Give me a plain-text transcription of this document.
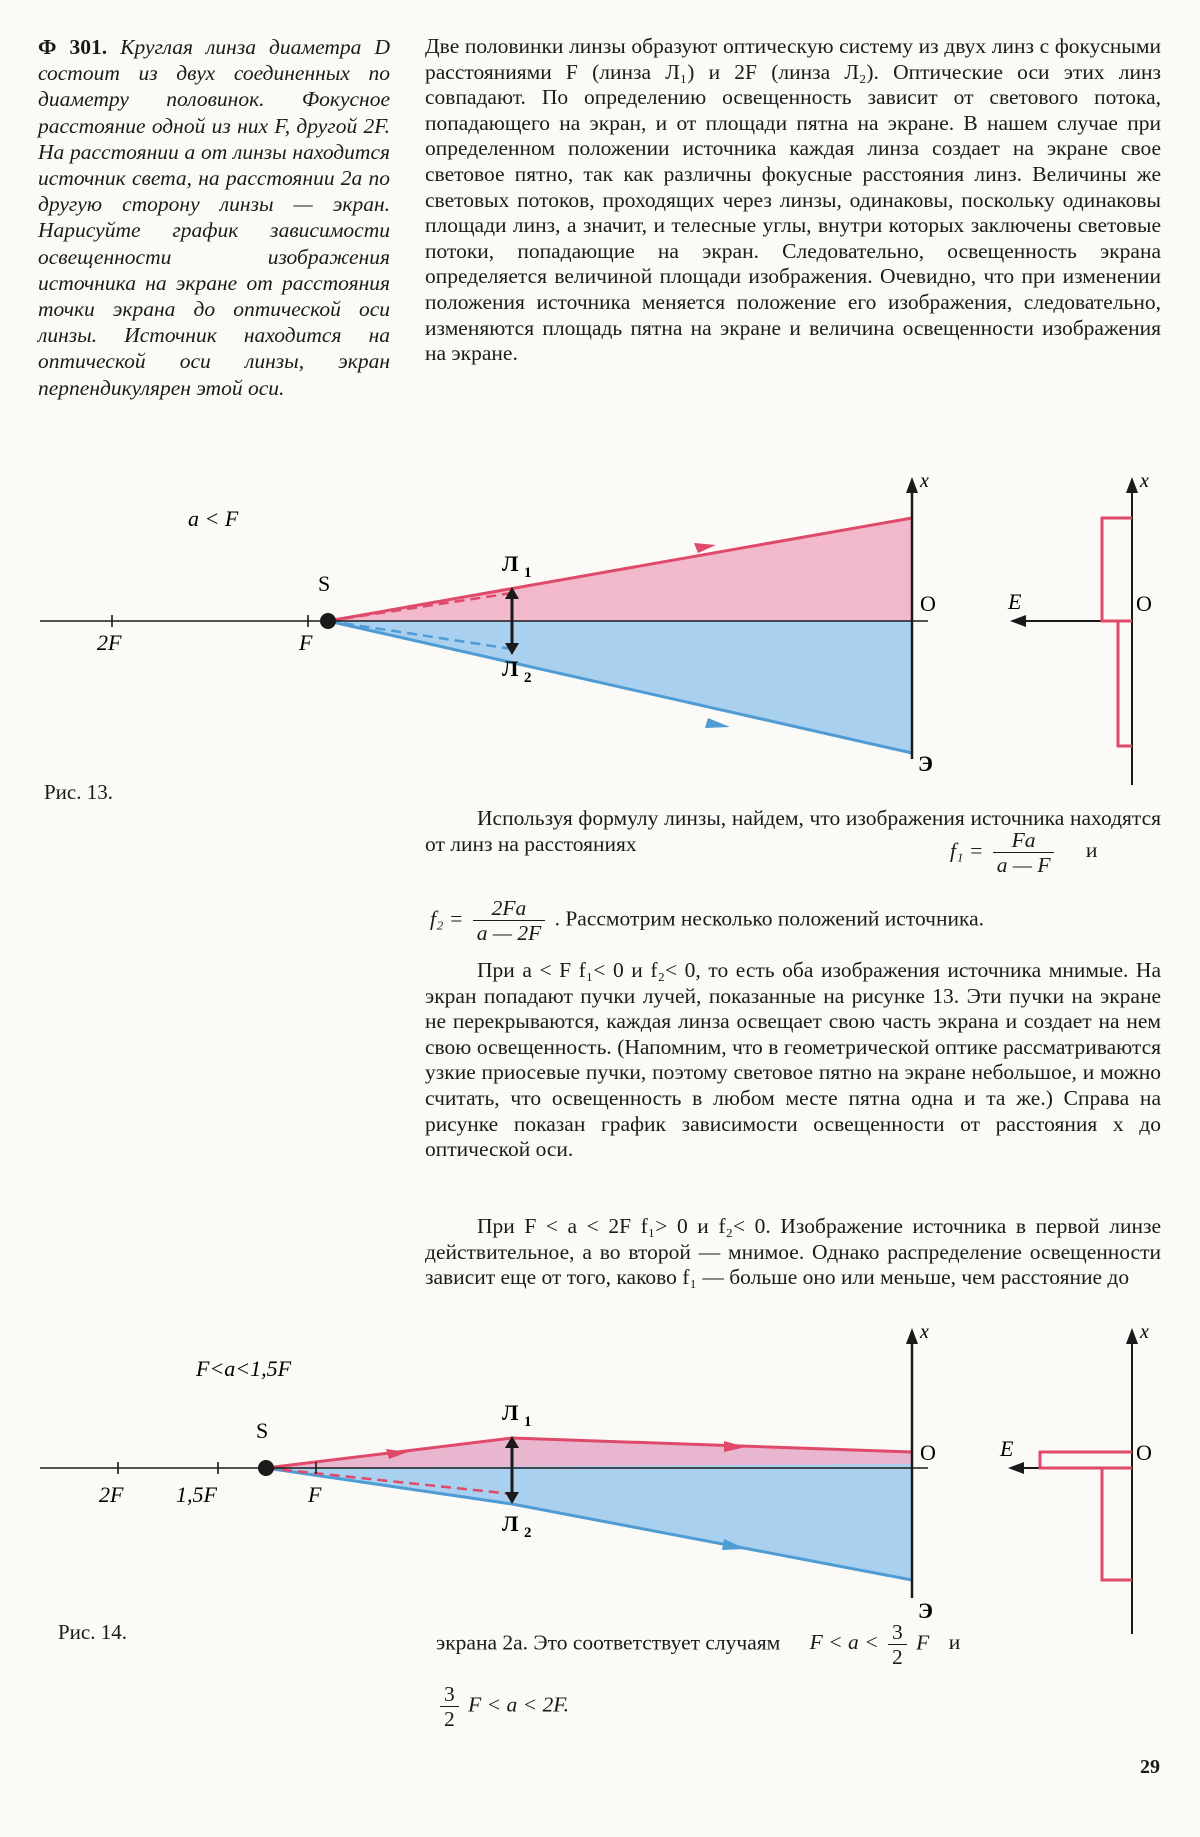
Ф 301. Круглая линза диаметра D состоит из двух соединенных по диаметру половинок. Фокусное расстояние одной из них F, другой 2F. На расстоянии a от линзы находится источник света, на расстоянии 2a по другую сторону линзы — экран. Нарисуйте график зависимости освещенности изображения источника на экране от расстояния точки экрана до оптической оси линзы. Источник находится на оптической оси линзы, экран перпендикулярен этой оси.
Две половинки линзы образуют оптическую систему из двух линз с фокусными расстояниями F (линза Л₁) и 2F (линза Л₂). Оптические оси этих линз совпадают. По определению освещенность зависит от светового потока, попадающего на экран, и от площади пятна на экране. В нашем случае при определенном положении источника каждая линза создает на экране свое световое пятно, так как различны фокусные расстояния линз. Величины же световых потоков, проходящих через линзы, одинаковы, поскольку одинаковы площади линз, а значит, и телесные углы, внутри которых заключены световые потоки, попадающие на экран. Следовательно, освещенность экрана определяется величиной площади изображения. Очевидно, что при изменении положения источника меняется положение его изображения, следовательно, изменяются площадь пятна на экране и величина освещенности изображения на экране.
a < F
2F	F
S
Л 1
Л 2
x
O
Э
x
E	O
Рис. 13.
Используя формулу линзы, найдем, что изображения источника находятся от линз на расстояниях	$f_1 = \frac{Fa}{a — F}$ и
$f_2 = \frac{2Fa}{a — 2F}$ . Рассмотрим несколько положений источника.
При a < F f₁< 0 и f₂< 0, то есть оба изображения источника мнимые. На экран попадают пучки лучей, показанные на рисунке 13. Эти пучки на экране не перекрываются, каждая линза освещает свою часть экрана и создает на нем свою освещенность. (Напомним, что в геометрической оптике рассматриваются узкие приосевые пучки, поэтому световое пятно на экране небольшое, и можно считать, что освещенность в любом месте пятна одна и та же.) Справа на рисунке показан график зависимости освещенности от расстояния x до оптической оси.
При F < a < 2F f₁> 0 и f₂< 0. Изображение источника в первой линзе действительное, а во второй — мнимое. Однако распределение освещенности зависит еще от того, каково f₁ — больше оно или меньше, чем расстояние до
F<a<1,5F
2F 1,5F	F
S
Л 1
Л 2
x
O
Э
x
E	O
Рис. 14.	экрана 2a. Это соответствует случаям $F < a < \frac{3}{2}$ F и
$\frac{3}{2}$ F < a < 2F.
29
